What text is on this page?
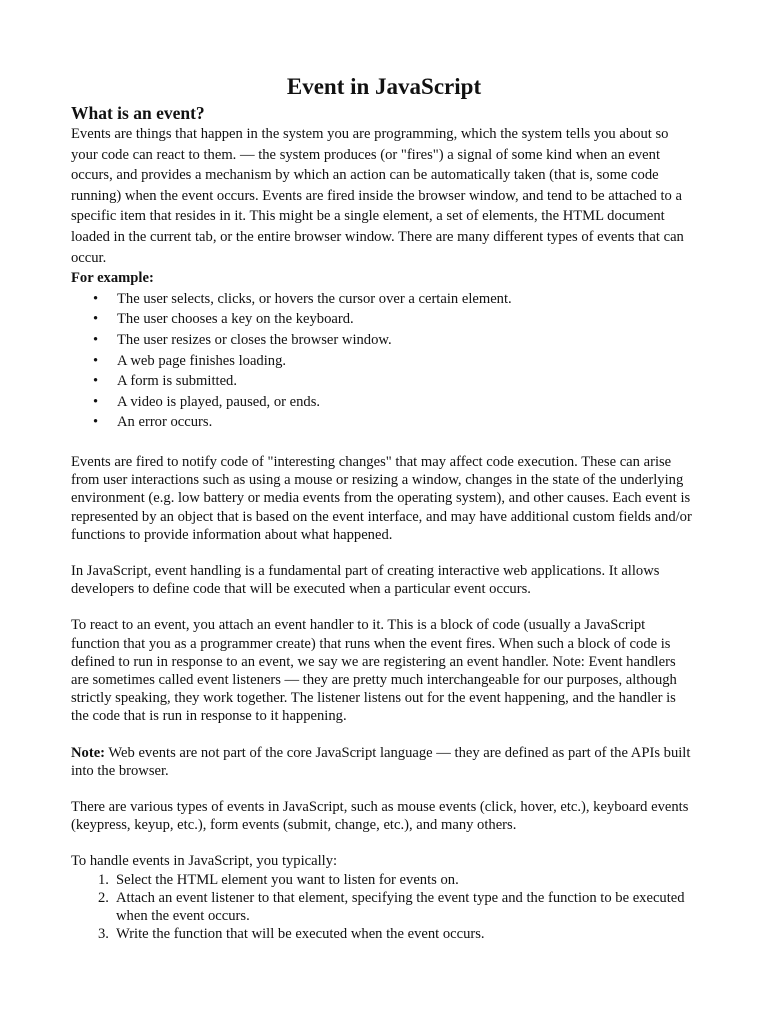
Event in JavaScript
What is an event?

Events are things that happen in the system you are programming, which the system tells you about so your code can react to them. — the system produces (or "fires") a signal of some kind when an event occurs, and provides a mechanism by which an action can be automatically taken (that is, some code running) when the event occurs. Events are fired inside the browser window, and tend to be attached to a specific item that resides in it. This might be a single element, a set of elements, the HTML document loaded in the current tab, or the entire browser window. There are many different types of events that can occur.

For example:
• The user selects, clicks, or hovers the cursor over a certain element.
• The user chooses a key on the keyboard.
• The user resizes or closes the browser window.
• A web page finishes loading.
• A form is submitted.
• A video is played, paused, or ends.
• An error occurs.

Events are fired to notify code of "interesting changes" that may affect code execution. These can arise from user interactions such as using a mouse or resizing a window, changes in the state of the underlying environment (e.g. low battery or media events from the operating system), and other causes. Each event is represented by an object that is based on the event interface, and may have additional custom fields and/or functions to provide information about what happened.

In JavaScript, event handling is a fundamental part of creating interactive web applications. It allows developers to define code that will be executed when a particular event occurs.

To react to an event, you attach an event handler to it. This is a block of code (usually a JavaScript function that you as a programmer create) that runs when the event fires. When such a block of code is defined to run in response to an event, we say we are registering an event handler. Note: Event handlers are sometimes called event listeners — they are pretty much interchangeable for our purposes, although strictly speaking, they work together. The listener listens out for the event happening, and the handler is the code that is run in response to it happening.

Note: Web events are not part of the core JavaScript language — they are defined as part of the APIs built into the browser.

There are various types of events in JavaScript, such as mouse events (click, hover, etc.), keyboard events (keypress, keyup, etc.), form events (submit, change, etc.), and many others.

To handle events in JavaScript, you typically:

1. Select the HTML element you want to listen for events on.
2. Attach an event listener to that element, specifying the event type and the function to be executed when the event occurs.
3. Write the function that will be executed when the event occurs.
